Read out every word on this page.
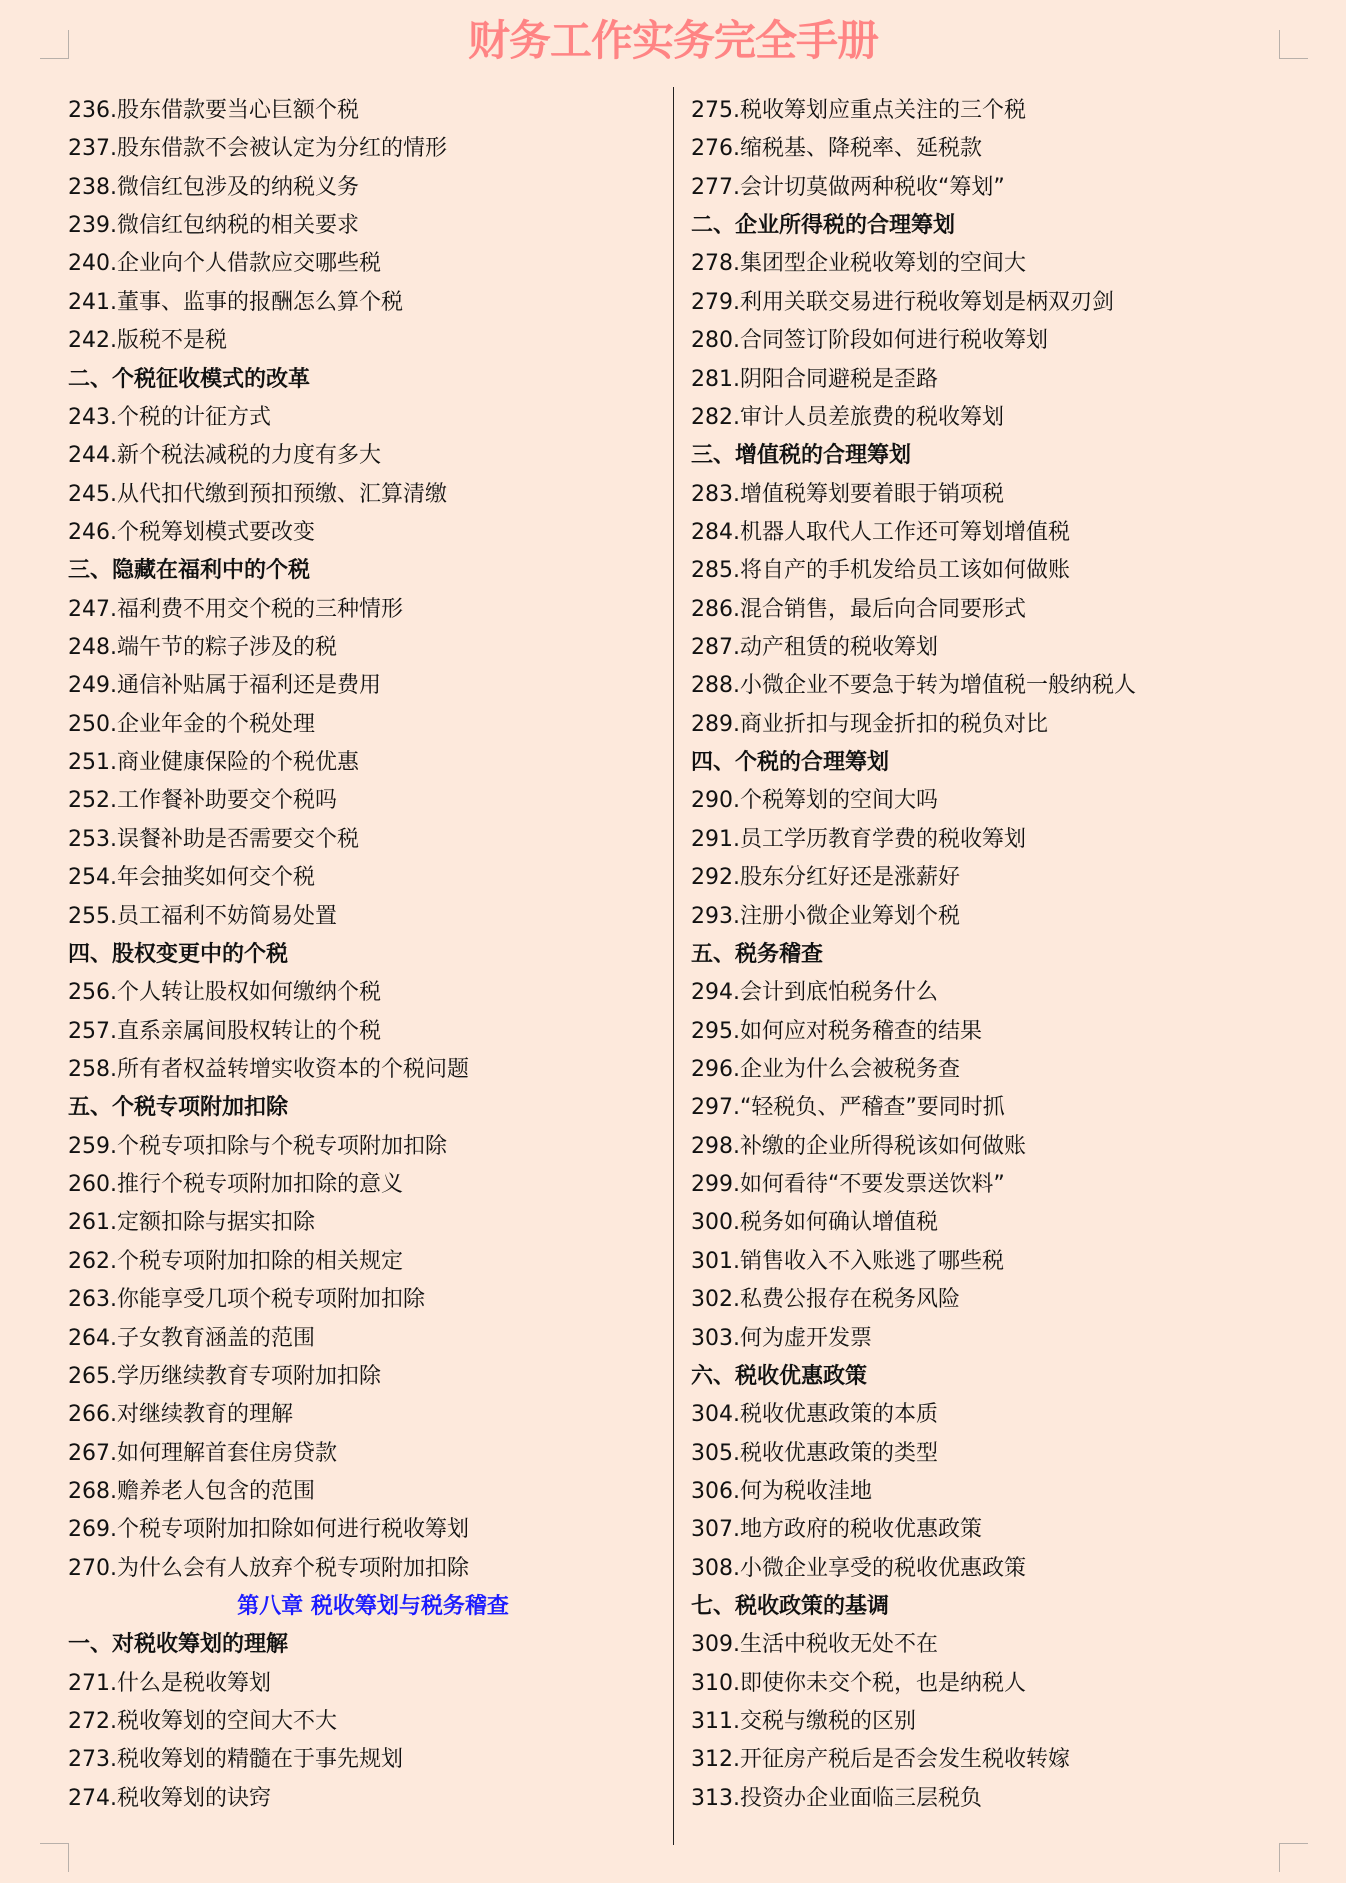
财务工作实务完全手册
236.股东借款要当心巨额个税
237.股东借款不会被认定为分红的情形
238.微信红包涉及的纳税义务
239.微信红包纳税的相关要求
240.企业向个人借款应交哪些税
241.董事、监事的报酬怎么算个税
242.版税不是税
二、个税征收模式的改革
243.个税的计征方式
244.新个税法减税的力度有多大
245.从代扣代缴到预扣预缴、汇算清缴
246.个税筹划模式要改变
三、隐藏在福利中的个税
247.福利费不用交个税的三种情形
248.端午节的粽子涉及的税
249.通信补贴属于福利还是费用
250.企业年金的个税处理
251.商业健康保险的个税优惠
252.工作餐补助要交个税吗
253.误餐补助是否需要交个税
254.年会抽奖如何交个税
255.员工福利不妨简易处置
四、股权变更中的个税
256.个人转让股权如何缴纳个税
257.直系亲属间股权转让的个税
258.所有者权益转增实收资本的个税问题
五、个税专项附加扣除
259.个税专项扣除与个税专项附加扣除
260.推行个税专项附加扣除的意义
261.定额扣除与据实扣除
262.个税专项附加扣除的相关规定
263.你能享受几项个税专项附加扣除
264.子女教育涵盖的范围
265.学历继续教育专项附加扣除
266.对继续教育的理解
267.如何理解首套住房贷款
268.赡养老人包含的范围
269.个税专项附加扣除如何进行税收筹划
270.为什么会有人放弃个税专项附加扣除
第八章 税收筹划与税务稽查
一、对税收筹划的理解
271.什么是税收筹划
272.税收筹划的空间大不大
273.税收筹划的精髓在于事先规划
274.税收筹划的诀窍
275.税收筹划应重点关注的三个税
276.缩税基、降税率、延税款
277.会计切莫做两种税收“筹划”
二、企业所得税的合理筹划
278.集团型企业税收筹划的空间大
279.利用关联交易进行税收筹划是柄双刃剑
280.合同签订阶段如何进行税收筹划
281.阴阳合同避税是歪路
282.审计人员差旅费的税收筹划
三、增值税的合理筹划
283.增值税筹划要着眼于销项税
284.机器人取代人工作还可筹划增值税
285.将自产的手机发给员工该如何做账
286.混合销售，最后向合同要形式
287.动产租赁的税收筹划
288.小微企业不要急于转为增值税一般纳税人
289.商业折扣与现金折扣的税负对比
四、个税的合理筹划
290.个税筹划的空间大吗
291.员工学历教育学费的税收筹划
292.股东分红好还是涨薪好
293.注册小微企业筹划个税
五、税务稽查
294.会计到底怕税务什么
295.如何应对税务稽查的结果
296.企业为什么会被税务查
297.“轻税负、严稽查”要同时抓
298.补缴的企业所得税该如何做账
299.如何看待“不要发票送饮料”
300.税务如何确认增值税
301.销售收入不入账逃了哪些税
302.私费公报存在税务风险
303.何为虚开发票
六、税收优惠政策
304.税收优惠政策的本质
305.税收优惠政策的类型
306.何为税收洼地
307.地方政府的税收优惠政策
308.小微企业享受的税收优惠政策
七、税收政策的基调
309.生活中税收无处不在
310.即使你未交个税，也是纳税人
311.交税与缴税的区别
312.开征房产税后是否会发生税收转嫁
313.投资办企业面临三层税负
